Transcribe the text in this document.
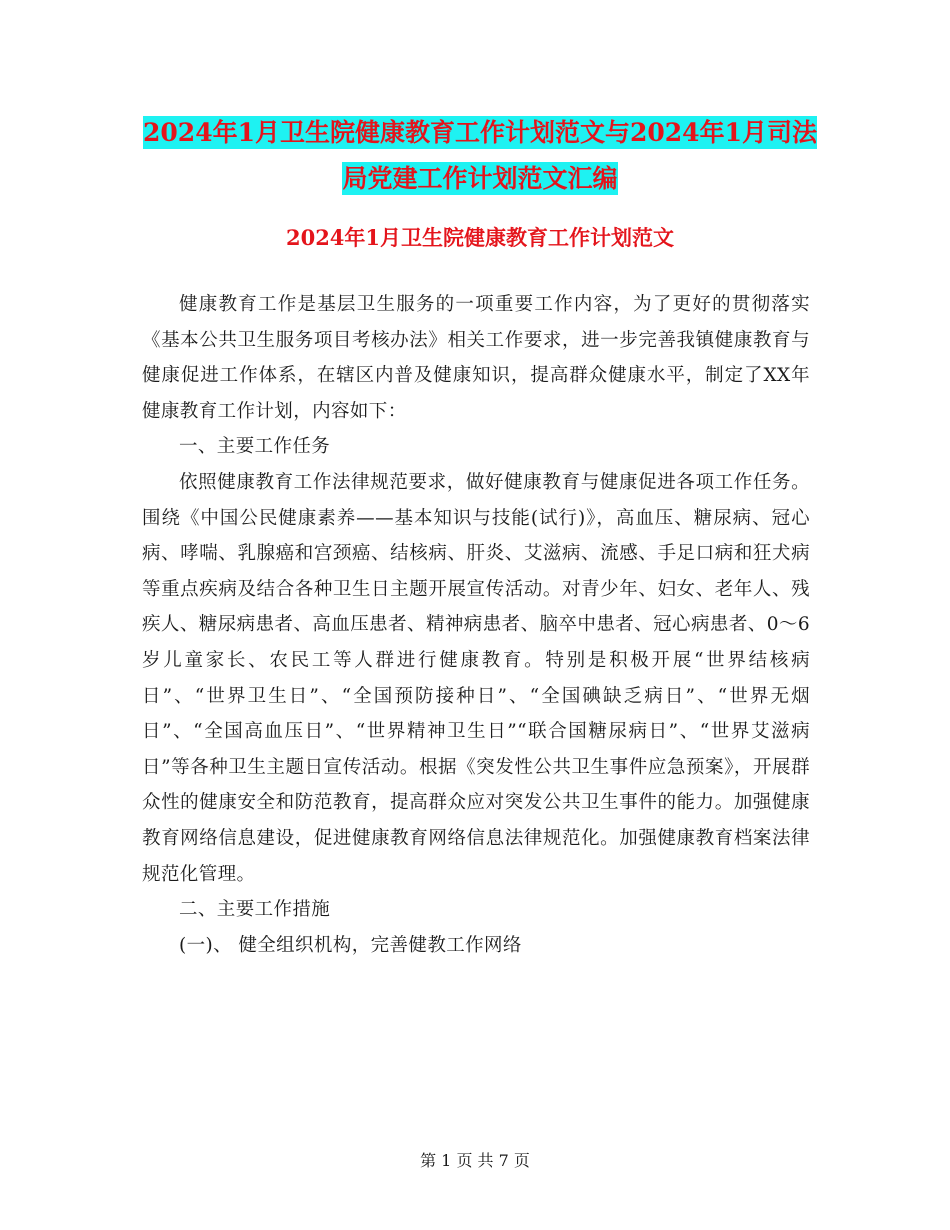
2024年1月卫生院健康教育工作计划范文与2024年1月司法局党建工作计划范文汇编
2024年1月卫生院健康教育工作计划范文

健康教育工作是基层卫生服务的一项重要工作内容，为了更好的贯彻落实《基本公共卫生服务项目考核办法》相关工作要求，进一步完善我镇健康教育与健康促进工作体系，在辖区内普及健康知识，提高群众健康水平，制定了XX年健康教育工作计划，内容如下：

一、主要工作任务

依照健康教育工作法律规范要求，做好健康教育与健康促进各项工作任务。围绕《中国公民健康素养——基本知识与技能(试行)》，高血压、糖尿病、冠心病、哮喘、乳腺癌和宫颈癌、结核病、肝炎、艾滋病、流感、手足口病和狂犬病等重点疾病及结合各种卫生日主题开展宣传活动。对青少年、妇女、老年人、残疾人、糖尿病患者、高血压患者、精神病患者、脑卒中患者、冠心病患者、0～6岁儿童家长、农民工等人群进行健康教育。特别是积极开展“世界结核病日”、“世界卫生日”、“全国预防接种日”、“全国碘缺乏病日”、“世界无烟日”、“全国高血压日”、“世界精神卫生日”“联合国糖尿病日”、“世界艾滋病日”等各种卫生主题日宣传活动。根据《突发性公共卫生事件应急预案》，开展群众性的健康安全和防范教育，提高群众应对突发公共卫生事件的能力。加强健康教育网络信息建设，促进健康教育网络信息法律规范化。加强健康教育档案法律规范化管理。

二、主要工作措施

(一)、 健全组织机构，完善健教工作网络

第 1 页 共 7 页
